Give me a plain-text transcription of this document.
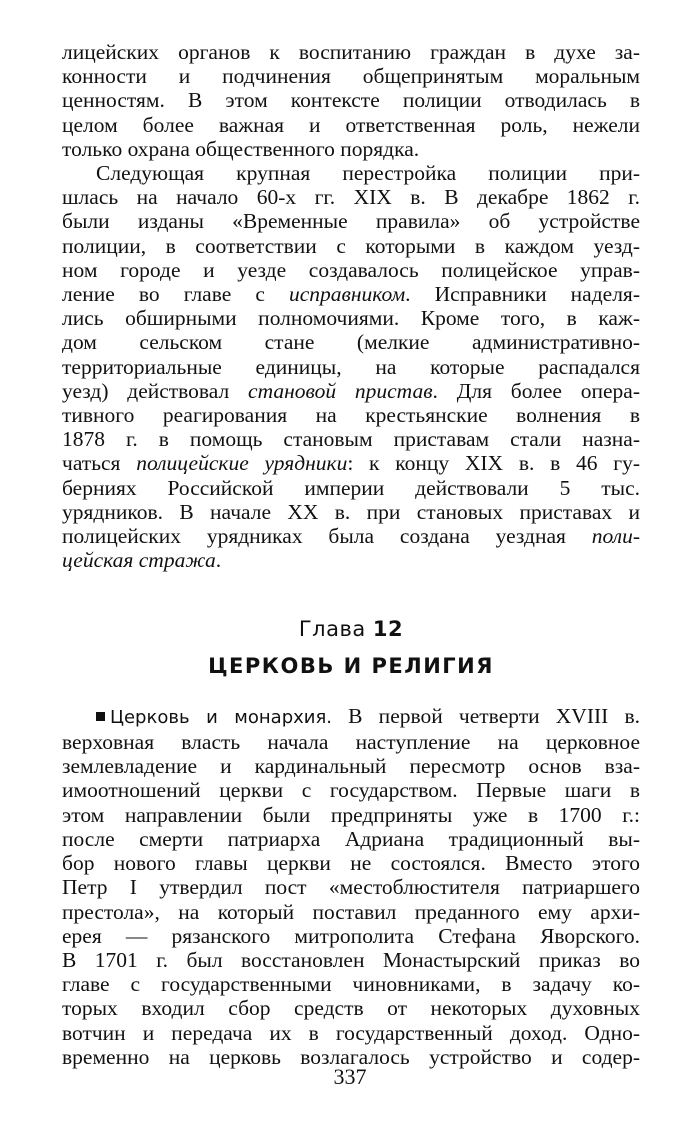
лицейских органов к воспитанию граждан в духе за-
конности и подчинения общепринятым моральным
ценностям. В этом контексте полиции отводилась в
целом более важная и ответственная роль, нежели
только охрана общественного порядка.

Следующая крупная перестройка полиции при-
шлась на начало 60-х гг. XIX в. В декабре 1862 г.
были изданы «Временные правила» об устройстве
полиции, в соответствии с которыми в каждом уезд-
ном городе и уезде создавалось полицейское управ-
ление во главе с исправником. Исправники наделя-
лись обширными полномочиями. Кроме того, в каж-
дом сельском стане (мелкие административно-
территориальные единицы, на которые распадался
уезд) действовал становой пристав. Для более опера-
тивного реагирования на крестьянские волнения в
1878 г. в помощь становым приставам стали назна-
чаться полицейские урядники: к концу XIX в. в 46 гу-
берниях Российской империи действовали 5 тыс.
урядников. В начале XX в. при становых приставах и
полицейских урядниках была создана уездная поли-
цейская стража.

Глава 12
ЦЕРКОВЬ И РЕЛИГИЯ

Церковь и монархия. В первой четверти XVIII в.
верховная власть начала наступление на церковное
землевладение и кардинальный пересмотр основ вза-
имоотношений церкви с государством. Первые шаги в
этом направлении были предприняты уже в 1700 г.:
после смерти патриарха Адриана традиционный вы-
бор нового главы церкви не состоялся. Вместо этого
Петр I утвердил пост «местоблюстителя патриаршего
престола», на который поставил преданного ему архи-
ерея — рязанского митрополита Стефана Яворского.
В 1701 г. был восстановлен Монастырский приказ во
главе с государственными чиновниками, в задачу ко-
торых входил сбор средств от некоторых духовных
вотчин и передача их в государственный доход. Одно-
временно на церковь возлагалось устройство и содер-

337
